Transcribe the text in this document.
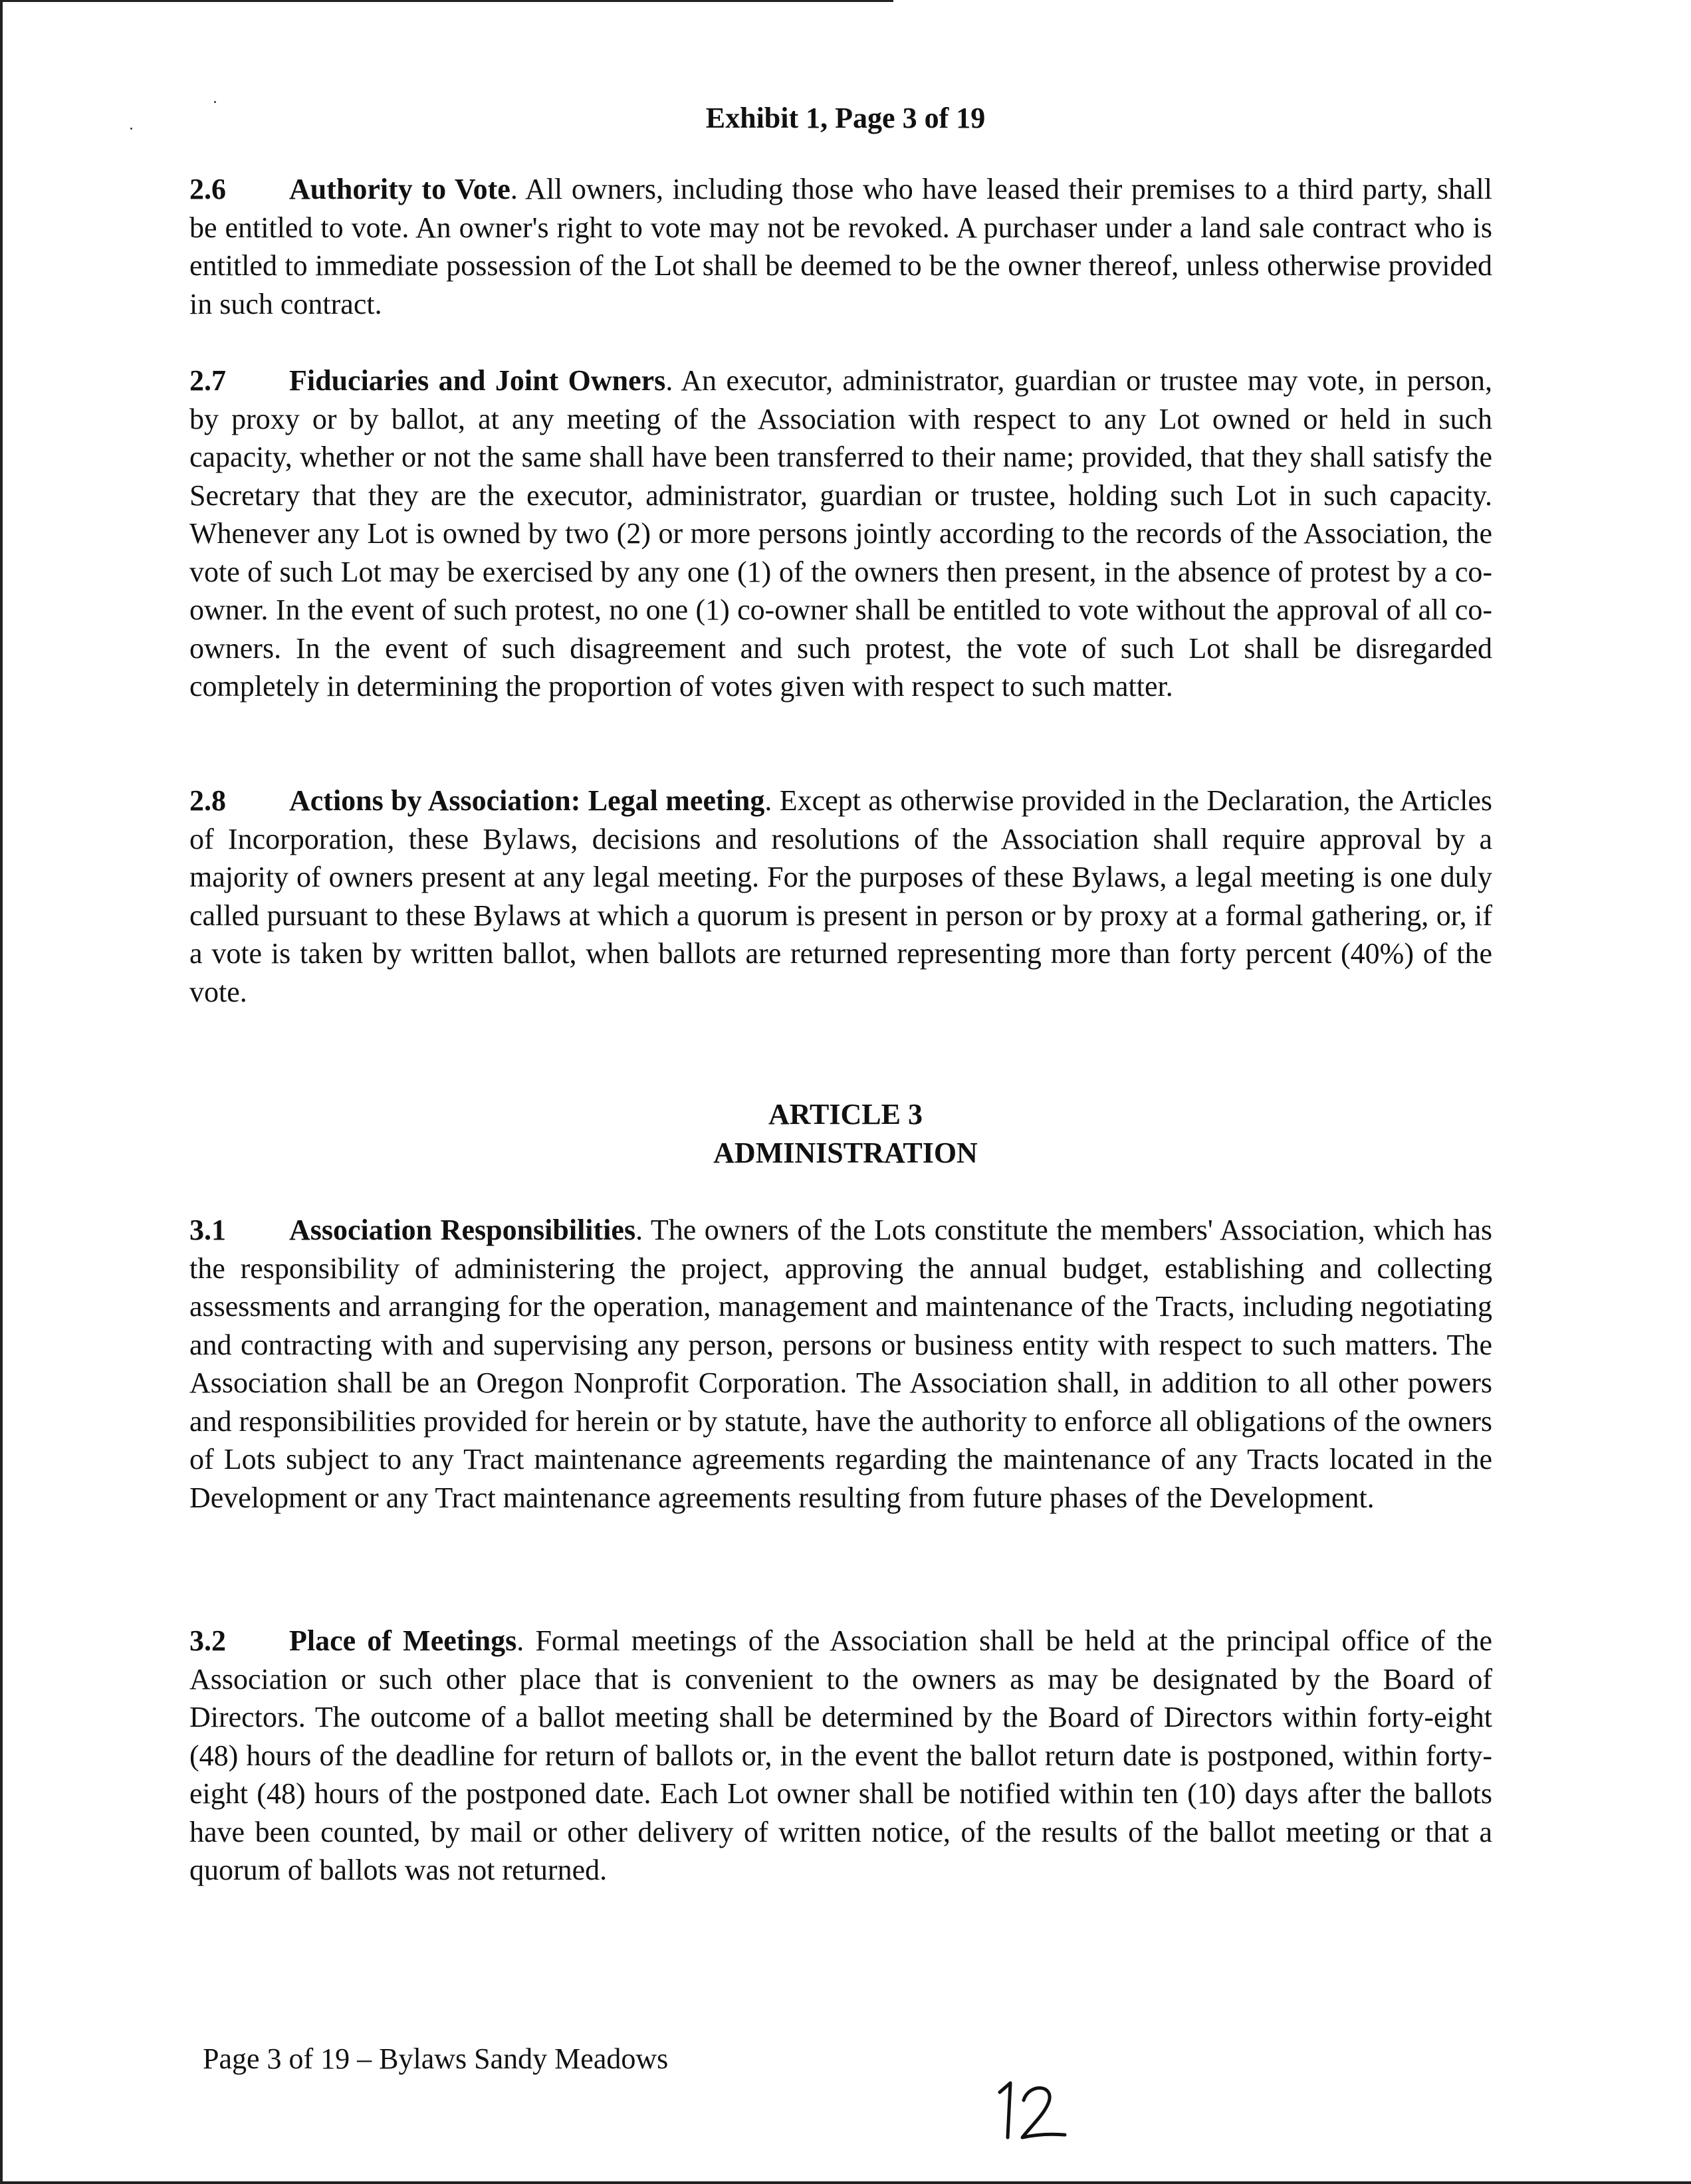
Exhibit 1, Page 3 of 19
2.6 Authority to Vote. All owners, including those who have leased their premises to a third party, shall be entitled to vote. An owner's right to vote may not be revoked. A purchaser under a land sale contract who is entitled to immediate possession of the Lot shall be deemed to be the owner thereof, unless otherwise provided in such contract.
2.7 Fiduciaries and Joint Owners. An executor, administrator, guardian or trustee may vote, in person, by proxy or by ballot, at any meeting of the Association with respect to any Lot owned or held in such capacity, whether or not the same shall have been transferred to their name; provided, that they shall satisfy the Secretary that they are the executor, administrator, guardian or trustee, holding such Lot in such capacity. Whenever any Lot is owned by two (2) or more persons jointly according to the records of the Association, the vote of such Lot may be exercised by any one (1) of the owners then present, in the absence of protest by a co-owner. In the event of such protest, no one (1) co-owner shall be entitled to vote without the approval of all co-owners. In the event of such disagreement and such protest, the vote of such Lot shall be disregarded completely in determining the proportion of votes given with respect to such matter.
2.8 Actions by Association: Legal meeting. Except as otherwise provided in the Declaration, the Articles of Incorporation, these Bylaws, decisions and resolutions of the Association shall require approval by a majority of owners present at any legal meeting. For the purposes of these Bylaws, a legal meeting is one duly called pursuant to these Bylaws at which a quorum is present in person or by proxy at a formal gathering, or, if a vote is taken by written ballot, when ballots are returned representing more than forty percent (40%) of the vote.
ARTICLE 3
ADMINISTRATION
3.1 Association Responsibilities. The owners of the Lots constitute the members' Association, which has the responsibility of administering the project, approving the annual budget, establishing and collecting assessments and arranging for the operation, management and maintenance of the Tracts, including negotiating and contracting with and supervising any person, persons or business entity with respect to such matters. The Association shall be an Oregon Nonprofit Corporation. The Association shall, in addition to all other powers and responsibilities provided for herein or by statute, have the authority to enforce all obligations of the owners of Lots subject to any Tract maintenance agreements regarding the maintenance of any Tracts located in the Development or any Tract maintenance agreements resulting from future phases of the Development.
3.2 Place of Meetings. Formal meetings of the Association shall be held at the principal office of the Association or such other place that is convenient to the owners as may be designated by the Board of Directors. The outcome of a ballot meeting shall be determined by the Board of Directors within forty-eight (48) hours of the deadline for return of ballots or, in the event the ballot return date is postponed, within forty-eight (48) hours of the postponed date. Each Lot owner shall be notified within ten (10) days after the ballots have been counted, by mail or other delivery of written notice, of the results of the ballot meeting or that a quorum of ballots was not returned.
Page 3 of 19 – Bylaws Sandy Meadows
